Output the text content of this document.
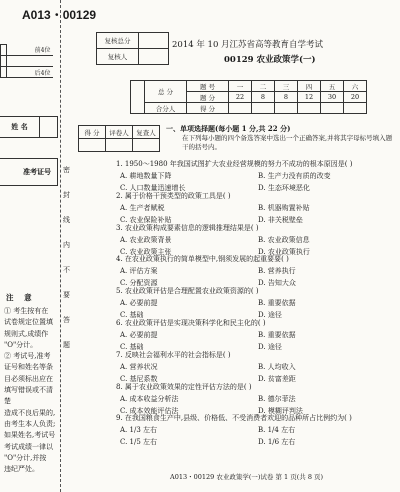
A013・00129
	前4位

	后4位
姓 名
准考证号
注 意
① 考生按有在
试卷规定位置填
规则式,成绩作
"O"分计。
② 考试号,准考
证号和姓名等条
目必须标出应在
填写错误或不清楚
造成不良后果的,
由考生本人负责;
如果姓名,考试号
考试成绩一律以
"O"分计,并按
违纪严处。
密
封
线
内
不
要
答
题
复核总分	
复核人	
2014 年 10 月江苏省高等教育自学考试
00129 农业政策学(一)
	总 分	题 号	一	二	三	四	五	六
		题 分	22	8	8	12	30	20
	合分人	得 分						
得 分	评卷人	复查人
		一、单项选择题(每小题 1 分,共 22 分)
在下列每小题的四个备选答案中选出一个正确答案,并将其字母标号填入题干的括号内。
1. 1950～1980 年我国试图扩大农业经营规模的努力不成功的根本原因是( )
A. 耕地数量下降	B. 生产力没有质的改变
C. 人口数量迅速增长	D. 生态环境恶化
2. 属于价格干预类型的政策工具是( )
A. 生产者赋税	B. 机器购置补贴
C. 农业保险补贴	D. 非关税壁垒
3. 农业政策构成要素信息的逻辑推理结果是( )
A. 农业政策背景	B. 农业政策信息
C. 农业政策主张	D. 农业政策执行
4. 在农业政策执行的简单模型中,钢须发展的起重要要( )
A. 评估方案	B. 营养执行
C. 分配资源	D. 告知大众
5. 农业政策评估是合理配置农业政策资源的( )
A. 必要前提	B. 重要依据
C. 基础	D. 途径
6. 农业政策评估是实现决策科学化和民主化的( )
A. 必要前提	B. 重要依据
C. 基础	D. 途径
7. 反映社会福利水平的社会指标是( )
A. 营养状况	B. 人均收入
C. 基尼系数	D. 贫富差距
8. 属于农业政策效果的定性评估方法的是( )
A. 成本收益分析法	B. 德尔菲法
C. 成本效能评估法	D. 模糊评判法
9. 在我国粮食生产中,县级、价格低、不受消费者欢迎的品种所占比例约为( )
A. 1/3 左右	B. 1/4 左右
C. 1/5 左右	D. 1/6 左右
A013・00129 农业政策学(一)试卷 第 1 页(共 8 页)
